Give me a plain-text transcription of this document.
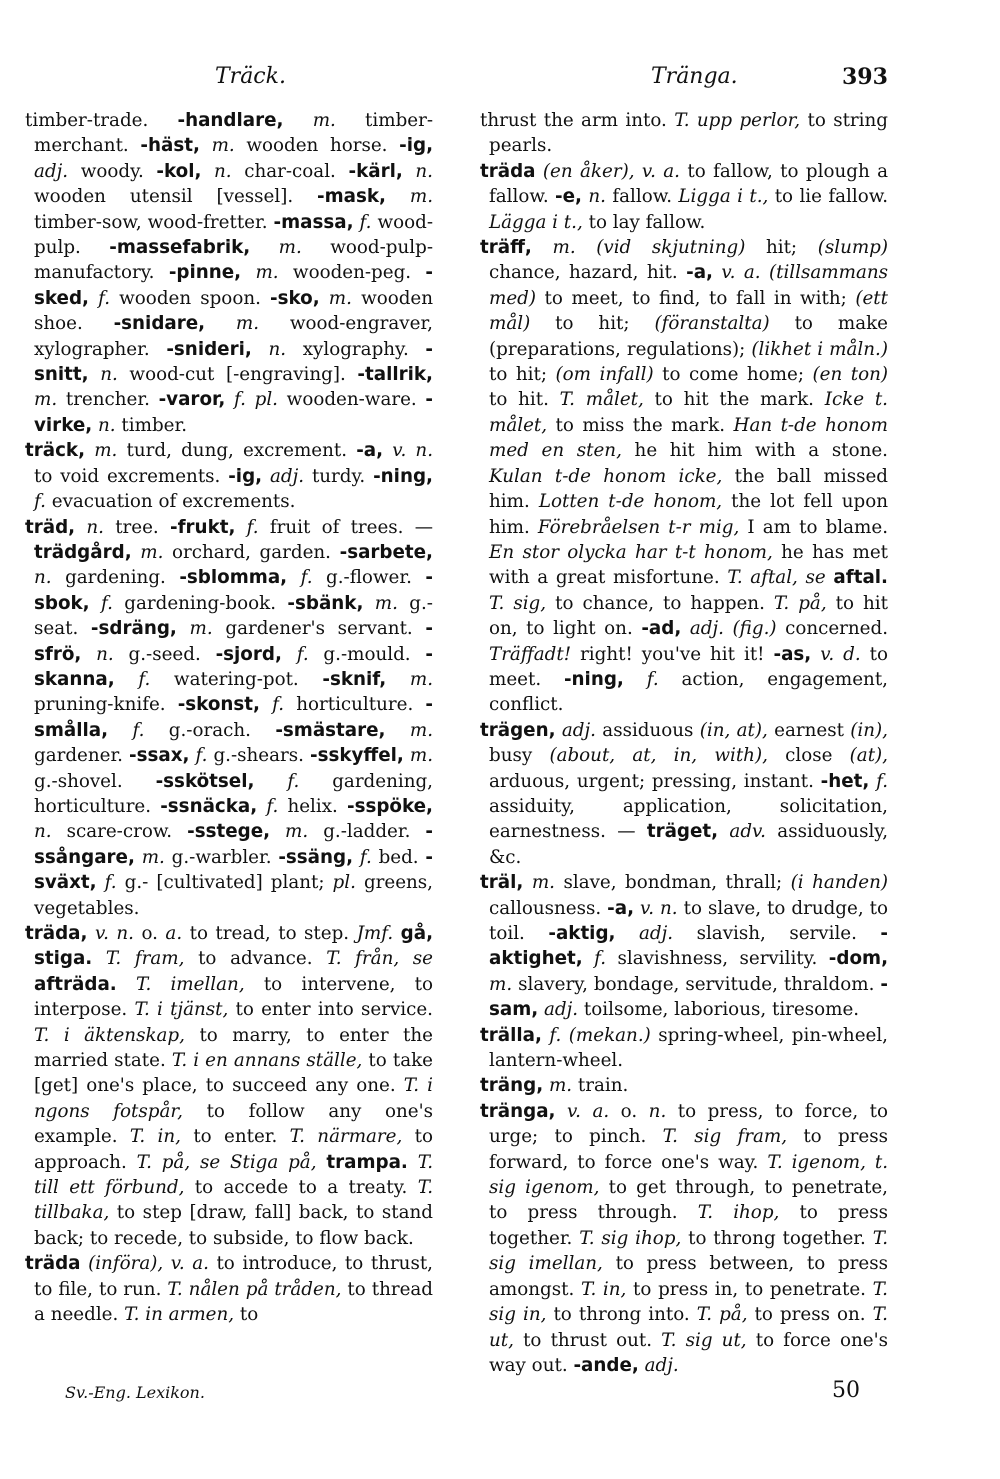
Träck.	Tränga.	393

timber-trade. -handlare, m. timber-merchant. -häst, m. wooden horse. -ig, adj. woody. -kol, n. char-coal. -kärl, n. wooden utensil [vessel]. -mask, m. timber-sow, wood-fretter. -massa, f. wood-pulp. -massefabrik, m. wood-pulp-manufactory. -pinne, m. wooden-peg. -sked, f. wooden spoon. -sko, m. wooden shoe. -snidare, m. wood-engraver, xylographer. -snideri, n. xylography. -snitt, n. wood-cut [-engraving]. -tallrik, m. trencher. -varor, f. pl. wooden-ware. -virke, n. timber.

träck, m. turd, dung, excrement. -a, v. n. to void excrements. -ig, adj. turdy. -ning, f. evacuation of excrements.

träd, n. tree. -frukt, f. fruit of trees. — trädgård, m. orchard, garden. -sarbete, n. gardening. -sblomma, f. g.-flower. -sbok, f. gardening-book. -sbänk, m. g.-seat. -sdräng, m. gardener's servant. -sfrö, n. g.-seed. -sjord, f. g.-mould. -skanna, f. watering-pot. -sknif, m. pruning-knife. -skonst, f. horticulture. -smålla, f. g.-orach. -smästare, m. gardener. -ssax, f. g.-shears. -sskyffel, m. g.-shovel. -sskötsel, f. gardening, horticulture. -ssnäcka, f. helix. -sspöke, n. scare-crow. -sstege, m. g.-ladder. -ssångare, m. g.-warbler. -ssäng, f. bed. -sväxt, f. g.- [cultivated] plant; pl. greens, vegetables.

träda, v. n. o. a. to tread, to step. Jmf. gå, stiga. T. fram, to advance. T. från, se afträda. T. imellan, to intervene, to interpose. T. i tjänst, to enter into service. T. i äktenskap, to marry, to enter the married state. T. i en annans ställe, to take [get] one's place, to succeed any one. T. i ngons fotspår, to follow any one's example. T. in, to enter. T. närmare, to approach. T. på, se Stiga på, trampa. T. till ett förbund, to accede to a treaty. T. tillbaka, to step [draw, fall] back, to stand back; to recede, to subside, to flow back.

träda (införa), v. a. to introduce, to thrust, to file, to run. T. nålen på tråden, to thread a needle. T. in armen, to

thrust the arm into. T. upp perlor, to string pearls.

träda (en åker), v. a. to fallow, to plough a fallow. -e, n. fallow. Ligga i t., to lie fallow. Lägga i t., to lay fallow.

träff, m. (vid skjutning) hit; (slump) chance, hazard, hit. -a, v. a. (tillsammans med) to meet, to find, to fall in with; (ett mål) to hit; (föranstalta) to make (preparations, regulations); (likhet i måln.) to hit; (om infall) to come home; (en ton) to hit. T. målet, to hit the mark. Icke t. målet, to miss the mark. Han t-de honom med en sten, he hit him with a stone. Kulan t-de honom icke, the ball missed him. Lotten t-de honom, the lot fell upon him. Förebråelsen t-r mig, I am to blame. En stor olycka har t-t honom, he has met with a great misfortune. T. aftal, se aftal. T. sig, to chance, to happen. T. på, to hit on, to light on. -ad, adj. (fig.) concerned. Träffadt! right! you've hit it! -as, v. d. to meet. -ning, f. action, engagement, conflict.

trägen, adj. assiduous (in, at), earnest (in), busy (about, at, in, with), close (at), arduous, urgent; pressing, instant. -het, f. assiduity, application, solicitation, earnestness. — träget, adv. assiduously, &c.

träl, m. slave, bondman, thrall; (i handen) callousness. -a, v. n. to slave, to drudge, to toil. -aktig, adj. slavish, servile. -aktighet, f. slavishness, servility. -dom, m. slavery, bondage, servitude, thraldom. -sam, adj. toilsome, laborious, tiresome.

trälla, f. (mekan.) spring-wheel, pin-wheel, lantern-wheel.

träng, m. train.

tränga, v. a. o. n. to press, to force, to urge; to pinch. T. sig fram, to press forward, to force one's way. T. igenom, t. sig igenom, to get through, to penetrate, to press through. T. ihop, to press together. T. sig ihop, to throng together. T. sig imellan, to press between, to press amongst. T. in, to press in, to penetrate. T. sig in, to throng into. T. på, to press on. T. ut, to thrust out. T. sig ut, to force one's way out. -ande, adj.

Sv.-Eng. Lexikon.	50
